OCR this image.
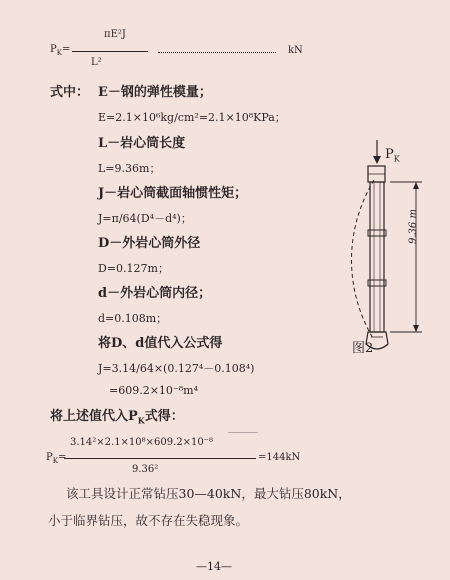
πE²J
$P_K=$	kN
L²
式中： E－钢的弹性模量；
E=2.1×10⁶kg/cm²=2.1×10⁸KPa；
L－岩心筒长度
L=9.36m；
J－岩心筒截面轴惯性矩；
J=π/64(D⁴－d⁴)；
D－外岩心筒外径
D=0.127m；
d－外岩心筒内径；
d=0.108m；
将D、d值代入公式得
J=3.14/64×(0.127⁴－0.108⁴)
=609.2×10⁻⁸m⁴
将上述值代入$P_K$式得：
3.14²×2.1×10⁸×609.2×10⁻⁸
$P_K=$	=144kN
9.36²
该工具设计正常钻压30—40kN，最大钻压80kN，
小于临界钻压，故不存在失稳现象。
—14—
$P_K$
9.36 m
图2
